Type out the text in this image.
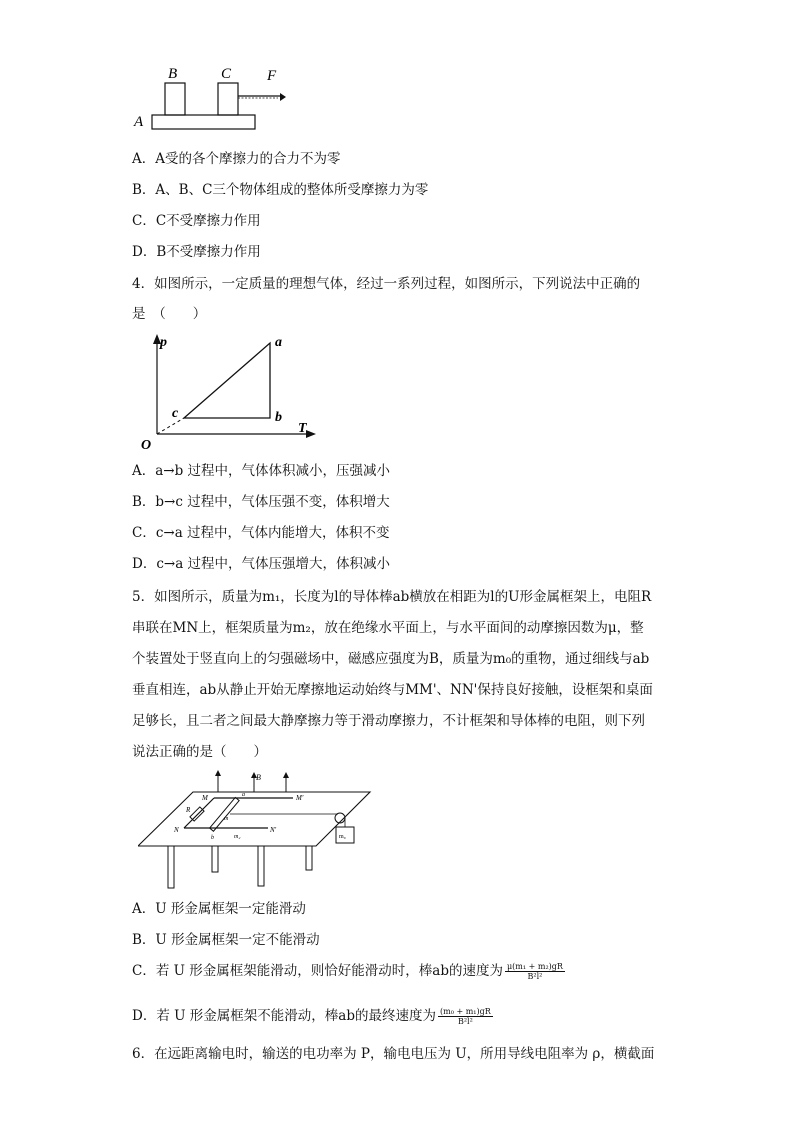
A
B	C F
A．A受的各个摩擦力的合力不为零
B．A、B、C三个物体组成的整体所受摩擦力为零
C．C不受摩擦力作用
D．B不受摩擦力作用
4．如图所示，一定质量的理想气体，经过一系列过程，如图所示，下列说法中正确的
是　（　　）
p
T
O
a
b
c
A．a→b 过程中，气体体积减小，压强减小
B．b→c 过程中，气体压强不变，体积增大
C．c→a 过程中，气体内能增大，体积不变
D．c→a 过程中，气体压强增大，体积减小
5．如图所示，质量为m₁，长度为l的导体棒ab横放在相距为l的U形金属框架上，电阻R
串联在MN上，框架质量为m₂，放在绝缘水平面上，与水平面间的动摩擦因数为μ，整
个装置处于竖直向上的匀强磁场中，磁感应强度为B，质量为m₀的重物，通过细线与ab
垂直相连，ab从静止开始无摩擦地运动始终与MM'、NN'保持良好接触，设框架和桌面
足够长，且二者之间最大静摩擦力等于滑动摩擦力，不计框架和导体棒的电阻，则下列
说法正确的是（　　）
m₀
B
M	M'
N	N'
R
a
b
m
m₂
A．U 形金属框架一定能滑动
B．U 形金属框架一定不能滑动
C．若 U 形金属框架能滑动，则恰好能滑动时，棒ab的速度为 $\frac{\text{μ(m₁ + m₂)gR}}{\text{B²l²}}$
D．若 U 形金属框架不能滑动，棒ab的最终速度为 $\frac{\text{(m₀ + m₁)gR}}{\text{B²l²}}$
6．在远距离输电时，输送的电功率为 P，输电电压为 U，所用导线电阻率为 ρ，横截面
